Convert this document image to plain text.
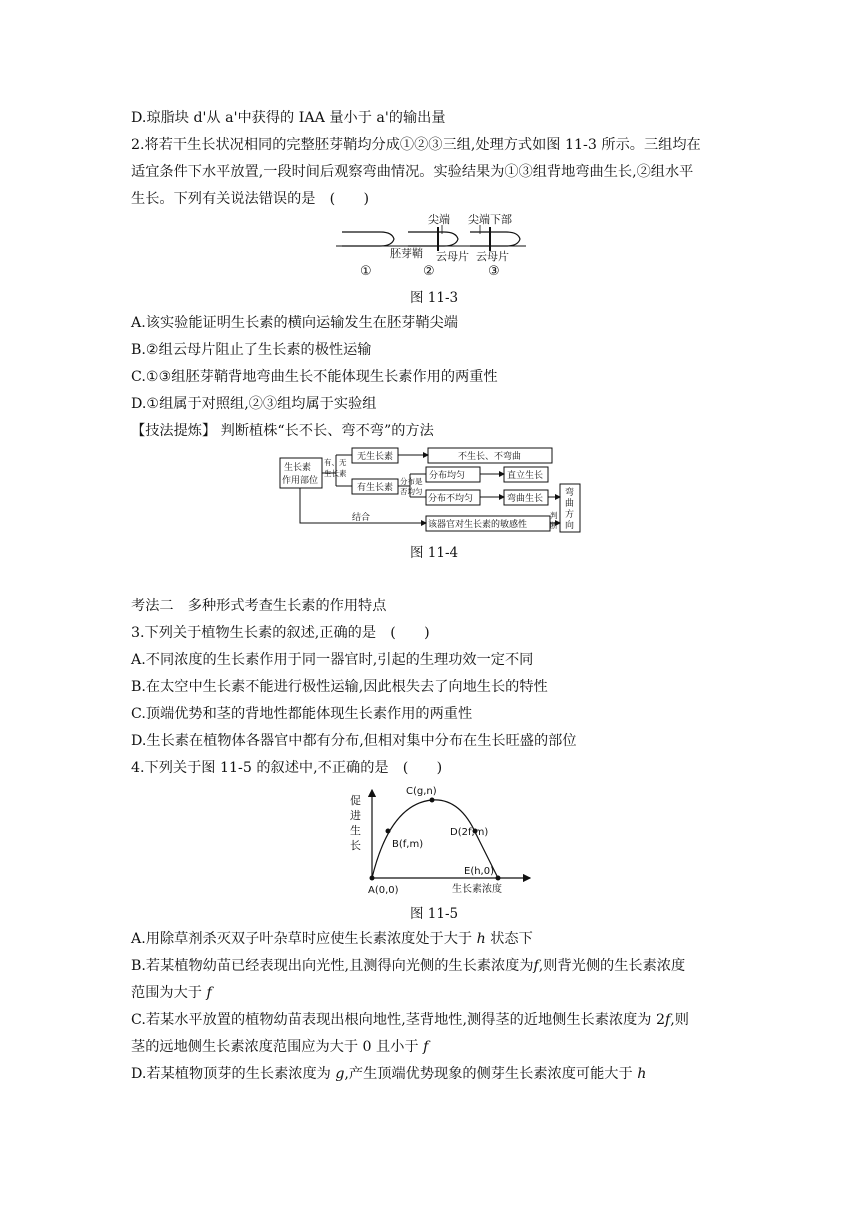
D.琼脂块 d'从 a'中获得的 IAA 量小于 a'的输出量
2.将若干生长状况相同的完整胚芽鞘均分成①②③三组,处理方式如图 11-3 所示。三组均在
适宜条件下水平放置,一段时间后观察弯曲情况。实验结果为①③组背地弯曲生长,②组水平
生长。下列有关说法错误的是　(　　)
①
尖端
胚芽鞘 云母片
②
尖端下部
云母片
③
图 11-3
A.该实验能证明生长素的横向运输发生在胚芽鞘尖端
B.②组云母片阻止了生长素的极性运输
C.①③组胚芽鞘背地弯曲生长不能体现生长素作用的两重性
D.①组属于对照组,②③组均属于实验组
【技法提炼】 判断植株“长不长、弯不弯”的方法
生长素
作用部位
有、无
生长素
无生长素
有生长素
不生长、不弯曲
分布是
否均匀
分布均匀	直立生长
分布不均匀	弯曲生长
该器官对生长素的敏感性
结合	判
断
弯
曲
方
向
图 11-4
考法二　多种形式考查生长素的作用特点
3.下列关于植物生长素的叙述,正确的是　(　　)
A.不同浓度的生长素作用于同一器官时,引起的生理功效一定不同
B.在太空中生长素不能进行极性运输,因此根失去了向地生长的特性
C.顶端优势和茎的背地性都能体现生长素作用的两重性
D.生长素在植物体各器官中都有分布,但相对集中分布在生长旺盛的部位
4.下列关于图 11-5 的叙述中,不正确的是　(　　)
促
进
生
长
A(0,0)
B(f,m)
C(g,n)
D(2f,m)
E(h,0)
生长素浓度
图 11-5
A.用除草剂杀灭双子叶杂草时应使生长素浓度处于大于 h 状态下
B.若某植物幼苗已经表现出向光性,且测得向光侧的生长素浓度为f,则背光侧的生长素浓度
范围为大于 f
C.若某水平放置的植物幼苗表现出根向地性,茎背地性,测得茎的近地侧生长素浓度为 2f,则
茎的远地侧生长素浓度范围应为大于 0 且小于 f
D.若某植物顶芽的生长素浓度为 g,产生顶端优势现象的侧芽生长素浓度可能大于 h
